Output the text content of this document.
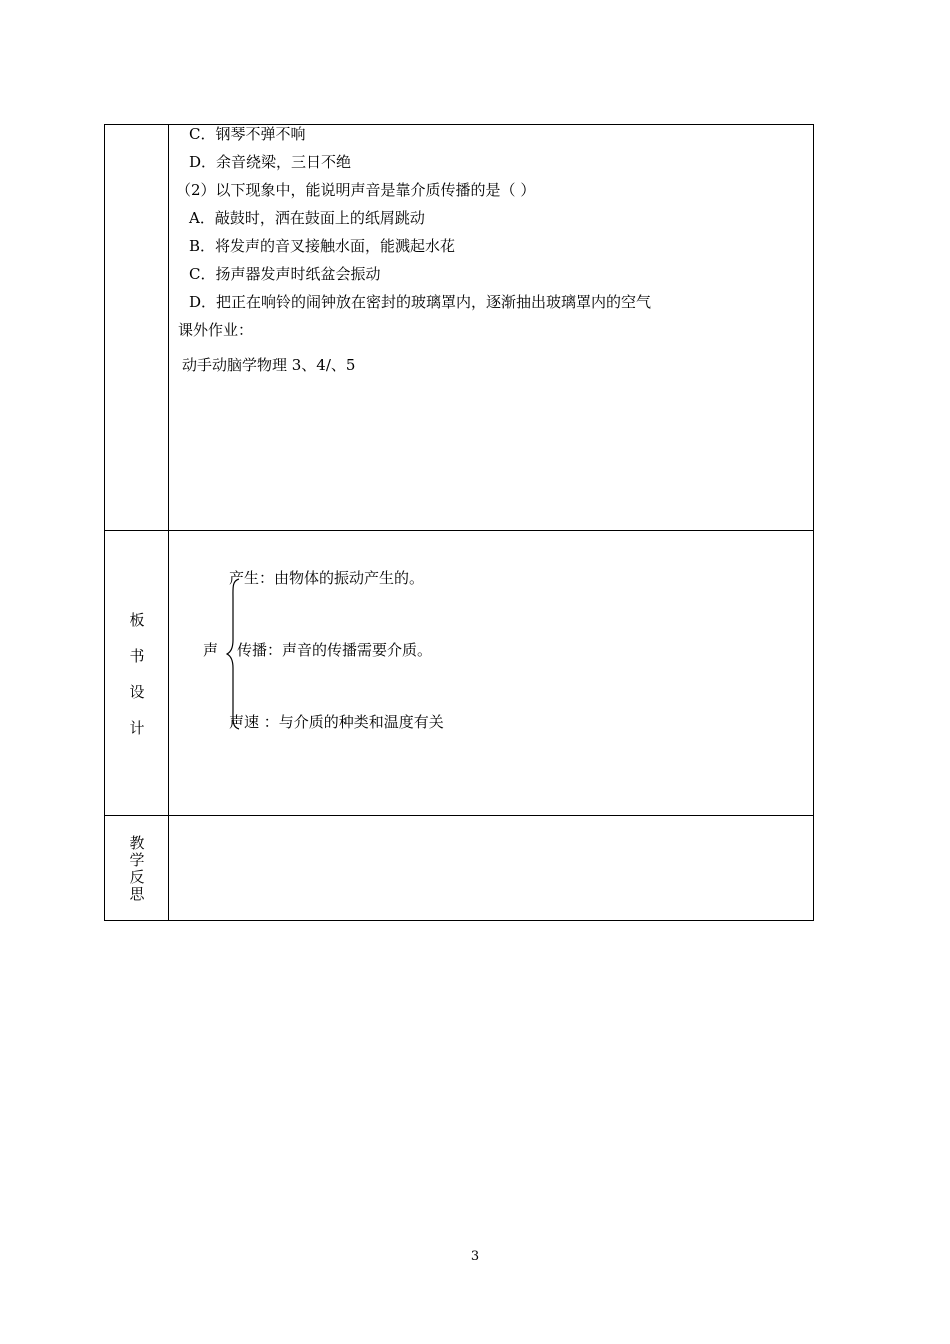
C．钢琴不弹不响
D．余音绕梁，三日不绝
（2）以下现象中，能说明声音是靠介质传播的是（ ）
A．敲鼓时，洒在鼓面上的纸屑跳动
B．将发声的音叉接触水面，能溅起水花
C．扬声器发声时纸盆会振动
D．把正在响铃的闹钟放在密封的玻璃罩内，逐渐抽出玻璃罩内的空气
课外作业：
动手动脑学物理 3、4/、5
板
书
设
计
声
产生：由物体的振动产生的。
传播：声音的传播需要介质。
声速 ：与介质的种类和温度有关
教
学
反
思
3
